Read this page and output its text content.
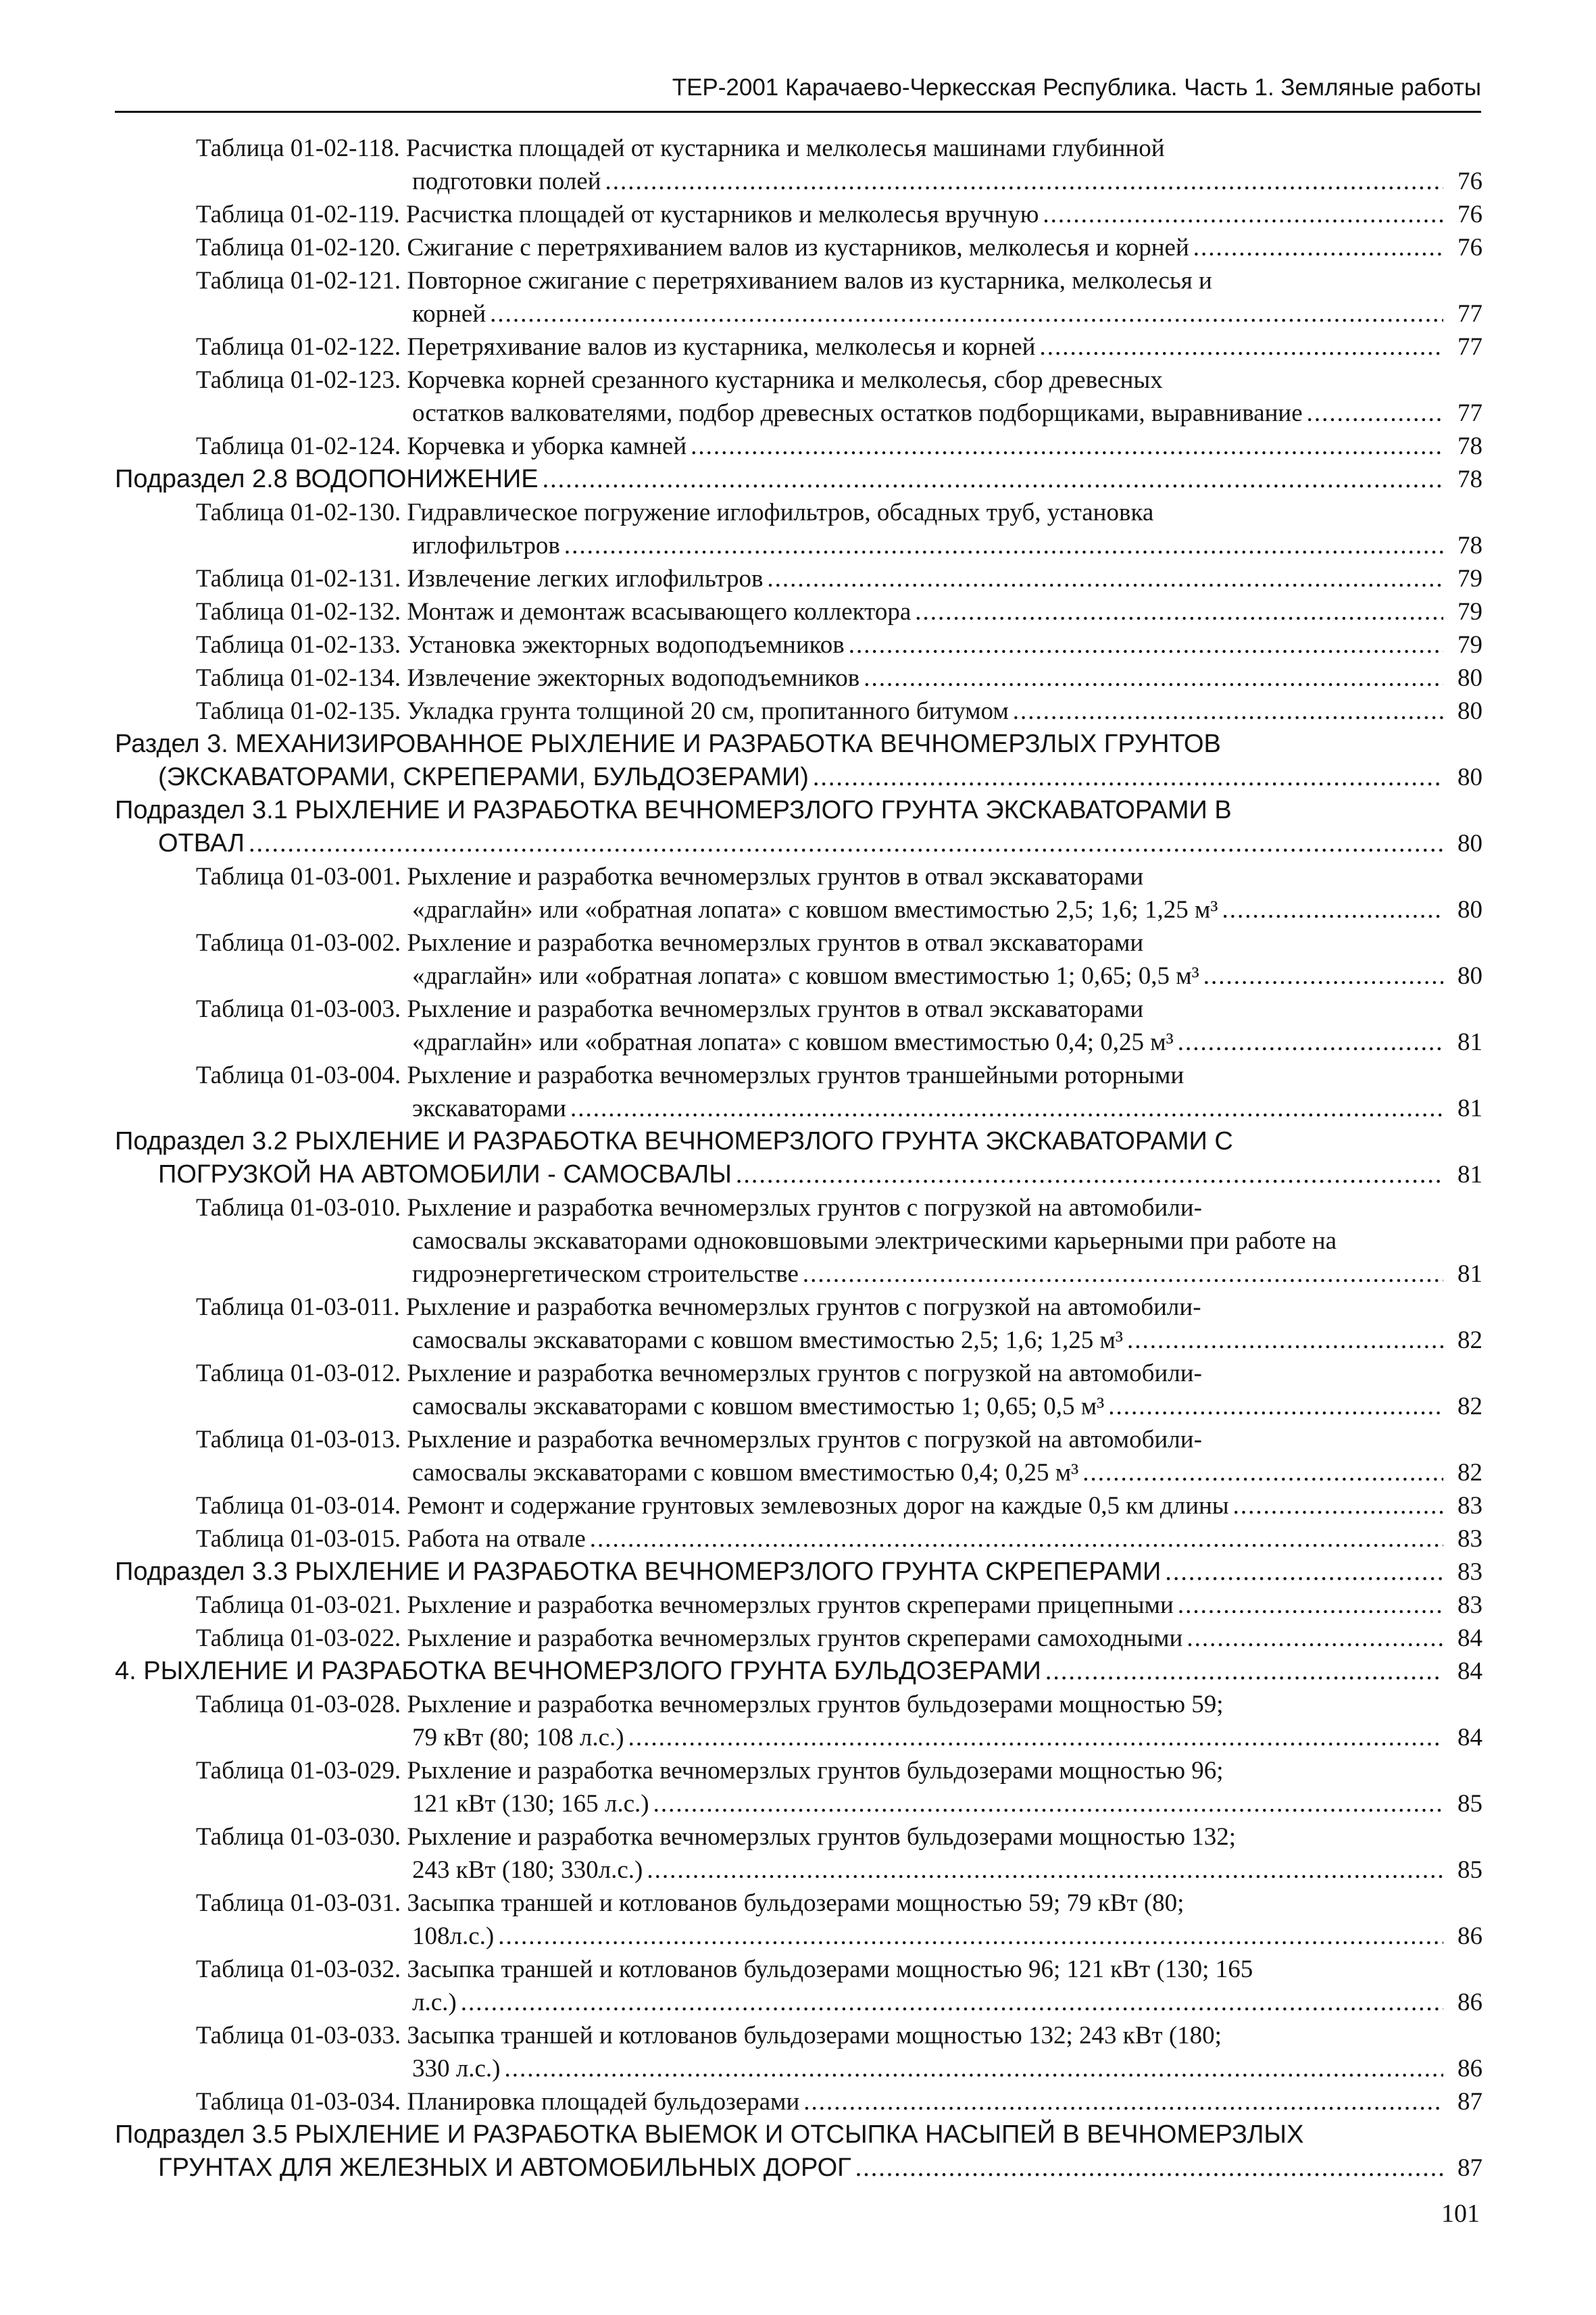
ТЕР-2001 Карачаево-Черкесская Республика. Часть 1. Земляные работы
Таблица 01-02-118. Расчистка площадей от кустарника и мелколесья машинами глубинной
подготовки полей .....	76
Таблица 01-02-119. Расчистка площадей от кустарников и мелколесья вручную .....	76
Таблица 01-02-120. Сжигание с перетряхиванием валов из кустарников, мелколесья и корней .....	76
Таблица 01-02-121. Повторное сжигание с перетряхиванием валов из кустарника, мелколесья и
корней .....	77
Таблица 01-02-122. Перетряхивание валов из кустарника, мелколесья и корней .....	77
Таблица 01-02-123. Корчевка корней срезанного кустарника и мелколесья, сбор древесных
остатков валкователями, подбор древесных остатков подборщиками, выравнивание .....	77
Таблица 01-02-124. Корчевка и уборка камней .....	78
Подраздел 2.8 ВОДОПОНИЖЕНИЕ .....	78
Таблица 01-02-130. Гидравлическое погружение иглофильтров, обсадных труб, установка
иглофильтров .....	78
Таблица 01-02-131. Извлечение легких иглофильтров .....	79
Таблица 01-02-132. Монтаж и демонтаж всасывающего коллектора .....	79
Таблица 01-02-133. Установка эжекторных водоподъемников .....	79
Таблица 01-02-134. Извлечение эжекторных водоподъемников .....	80
Таблица 01-02-135. Укладка грунта толщиной 20 см, пропитанного битумом .....	80
Раздел 3. МЕХАНИЗИРОВАННОЕ РЫХЛЕНИЕ И РАЗРАБОТКА ВЕЧНОМЕРЗЛЫХ ГРУНТОВ
(ЭКСКАВАТОРАМИ, СКРЕПЕРАМИ, БУЛЬДОЗЕРАМИ) .....	80
Подраздел 3.1 РЫХЛЕНИЕ И РАЗРАБОТКА ВЕЧНОМЕРЗЛОГО ГРУНТА ЭКСКАВАТОРАМИ В
ОТВАЛ .....	80
Таблица 01-03-001. Рыхление и разработка вечномерзлых грунтов в отвал экскаваторами
«драглайн» или «обратная лопата» с ковшом вместимостью 2,5; 1,6; 1,25 м³ .....	80
Таблица 01-03-002. Рыхление и разработка вечномерзлых грунтов в отвал экскаваторами
«драглайн» или «обратная лопата» с ковшом вместимостью 1; 0,65; 0,5 м³ .....	80
Таблица 01-03-003. Рыхление и разработка вечномерзлых грунтов в отвал экскаваторами
«драглайн» или «обратная лопата» с ковшом вместимостью 0,4; 0,25 м³ .....	81
Таблица 01-03-004. Рыхление и разработка вечномерзлых грунтов траншейными роторными
экскаваторами .....	81
Подраздел 3.2 РЫХЛЕНИЕ И РАЗРАБОТКА ВЕЧНОМЕРЗЛОГО ГРУНТА ЭКСКАВАТОРАМИ С
ПОГРУЗКОЙ НА АВТОМОБИЛИ - САМОСВАЛЫ .....	81
Таблица 01-03-010. Рыхление и разработка вечномерзлых грунтов с погрузкой на автомобили-
самосвалы экскаваторами одноковшовыми электрическими карьерными при работе на
гидроэнергетическом строительстве .....	81
Таблица 01-03-011. Рыхление и разработка вечномерзлых грунтов с погрузкой на автомобили-
самосвалы экскаваторами с ковшом вместимостью 2,5; 1,6; 1,25 м³ .....	82
Таблица 01-03-012. Рыхление и разработка вечномерзлых грунтов с погрузкой на автомобили-
самосвалы экскаваторами с ковшом вместимостью 1; 0,65; 0,5 м³ .....	82
Таблица 01-03-013. Рыхление и разработка вечномерзлых грунтов с погрузкой на автомобили-
самосвалы экскаваторами с ковшом вместимостью 0,4; 0,25 м³ .....	82
Таблица 01-03-014. Ремонт и содержание грунтовых землевозных дорог на каждые 0,5 км длины .....	83
Таблица 01-03-015. Работа на отвале .....	83
Подраздел 3.3 РЫХЛЕНИЕ И РАЗРАБОТКА ВЕЧНОМЕРЗЛОГО ГРУНТА СКРЕПЕРАМИ .....	83
Таблица 01-03-021. Рыхление и разработка вечномерзлых грунтов скреперами прицепными .....	83
Таблица 01-03-022. Рыхление и разработка вечномерзлых грунтов скреперами самоходными .....	84
4. РЫХЛЕНИЕ И РАЗРАБОТКА ВЕЧНОМЕРЗЛОГО ГРУНТА БУЛЬДОЗЕРАМИ .....	84
Таблица 01-03-028. Рыхление и разработка вечномерзлых грунтов бульдозерами мощностью 59;
79 кВт (80; 108 л.с.) .....	84
Таблица 01-03-029. Рыхление и разработка вечномерзлых грунтов бульдозерами мощностью 96;
121 кВт (130; 165 л.с.) .....	85
Таблица 01-03-030. Рыхление и разработка вечномерзлых грунтов бульдозерами мощностью 132;
243 кВт (180; 330л.с.) .....	85
Таблица 01-03-031. Засыпка траншей и котлованов бульдозерами мощностью 59; 79 кВт (80;
108л.с.) .....	86
Таблица 01-03-032. Засыпка траншей и котлованов бульдозерами мощностью 96; 121 кВт (130; 165
л.с.) .....	86
Таблица 01-03-033. Засыпка траншей и котлованов бульдозерами мощностью 132; 243 кВт (180;
330 л.с.) .....	86
Таблица 01-03-034. Планировка площадей бульдозерами .....	87
Подраздел 3.5 РЫХЛЕНИЕ И РАЗРАБОТКА ВЫЕМОК И ОТСЫПКА НАСЫПЕЙ В ВЕЧНОМЕРЗЛЫХ
ГРУНТАХ ДЛЯ ЖЕЛЕЗНЫХ И АВТОМОБИЛЬНЫХ ДОРОГ .....	87
101
